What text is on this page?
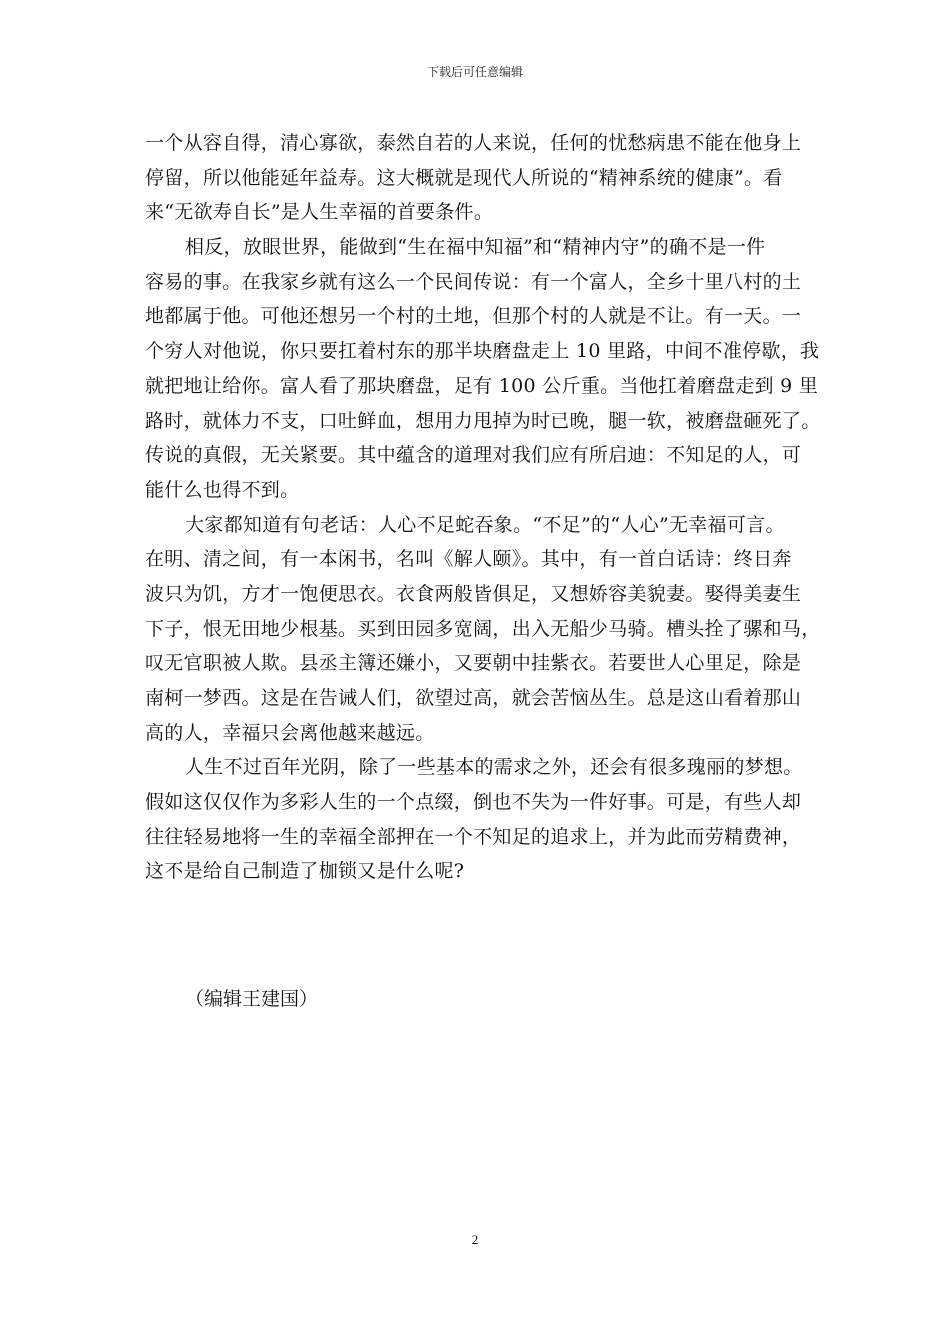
下载后可任意编辑
一个从容自得，清心寡欲，泰然自若的人来说，任何的忧愁病患不能在他身上
停留，所以他能延年益寿。这大概就是现代人所说的“精神系统的健康”。看
来“无欲寿自长”是人生幸福的首要条件。
相反，放眼世界，能做到“生在福中知福”和“精神内守”的确不是一件
容易的事。在我家乡就有这么一个民间传说：有一个富人，全乡十里八村的土
地都属于他。可他还想另一个村的土地，但那个村的人就是不让。有一天。一
个穷人对他说，你只要扛着村东的那半块磨盘走上 10 里路，中间不准停歇，我
就把地让给你。富人看了那块磨盘，足有 100 公斤重。当他扛着磨盘走到 9 里
路时，就体力不支，口吐鲜血，想用力甩掉为时已晚，腿一软，被磨盘砸死了。
传说的真假，无关紧要。其中蕴含的道理对我们应有所启迪：不知足的人，可
能什么也得不到。
大家都知道有句老话：人心不足蛇吞象。“不足”的“人心”无幸福可言。
在明、清之间，有一本闲书，名叫《解人颐》。其中，有一首白话诗：终日奔
波只为饥，方才一饱便思衣。衣食两般皆俱足，又想娇容美貌妻。娶得美妻生
下子，恨无田地少根基。买到田园多宽阔，出入无船少马骑。槽头拴了骡和马，
叹无官职被人欺。县丞主簿还嫌小，又要朝中挂紫衣。若要世人心里足，除是
南柯一梦西。这是在告诫人们，欲望过高，就会苦恼丛生。总是这山看着那山
高的人，幸福只会离他越来越远。
人生不过百年光阴，除了一些基本的需求之外，还会有很多瑰丽的梦想。
假如这仅仅作为多彩人生的一个点缀，倒也不失为一件好事。可是，有些人却
往往轻易地将一生的幸福全部押在一个不知足的追求上，并为此而劳精费神，
这不是给自己制造了枷锁又是什么呢?
（编辑王建国）
2
